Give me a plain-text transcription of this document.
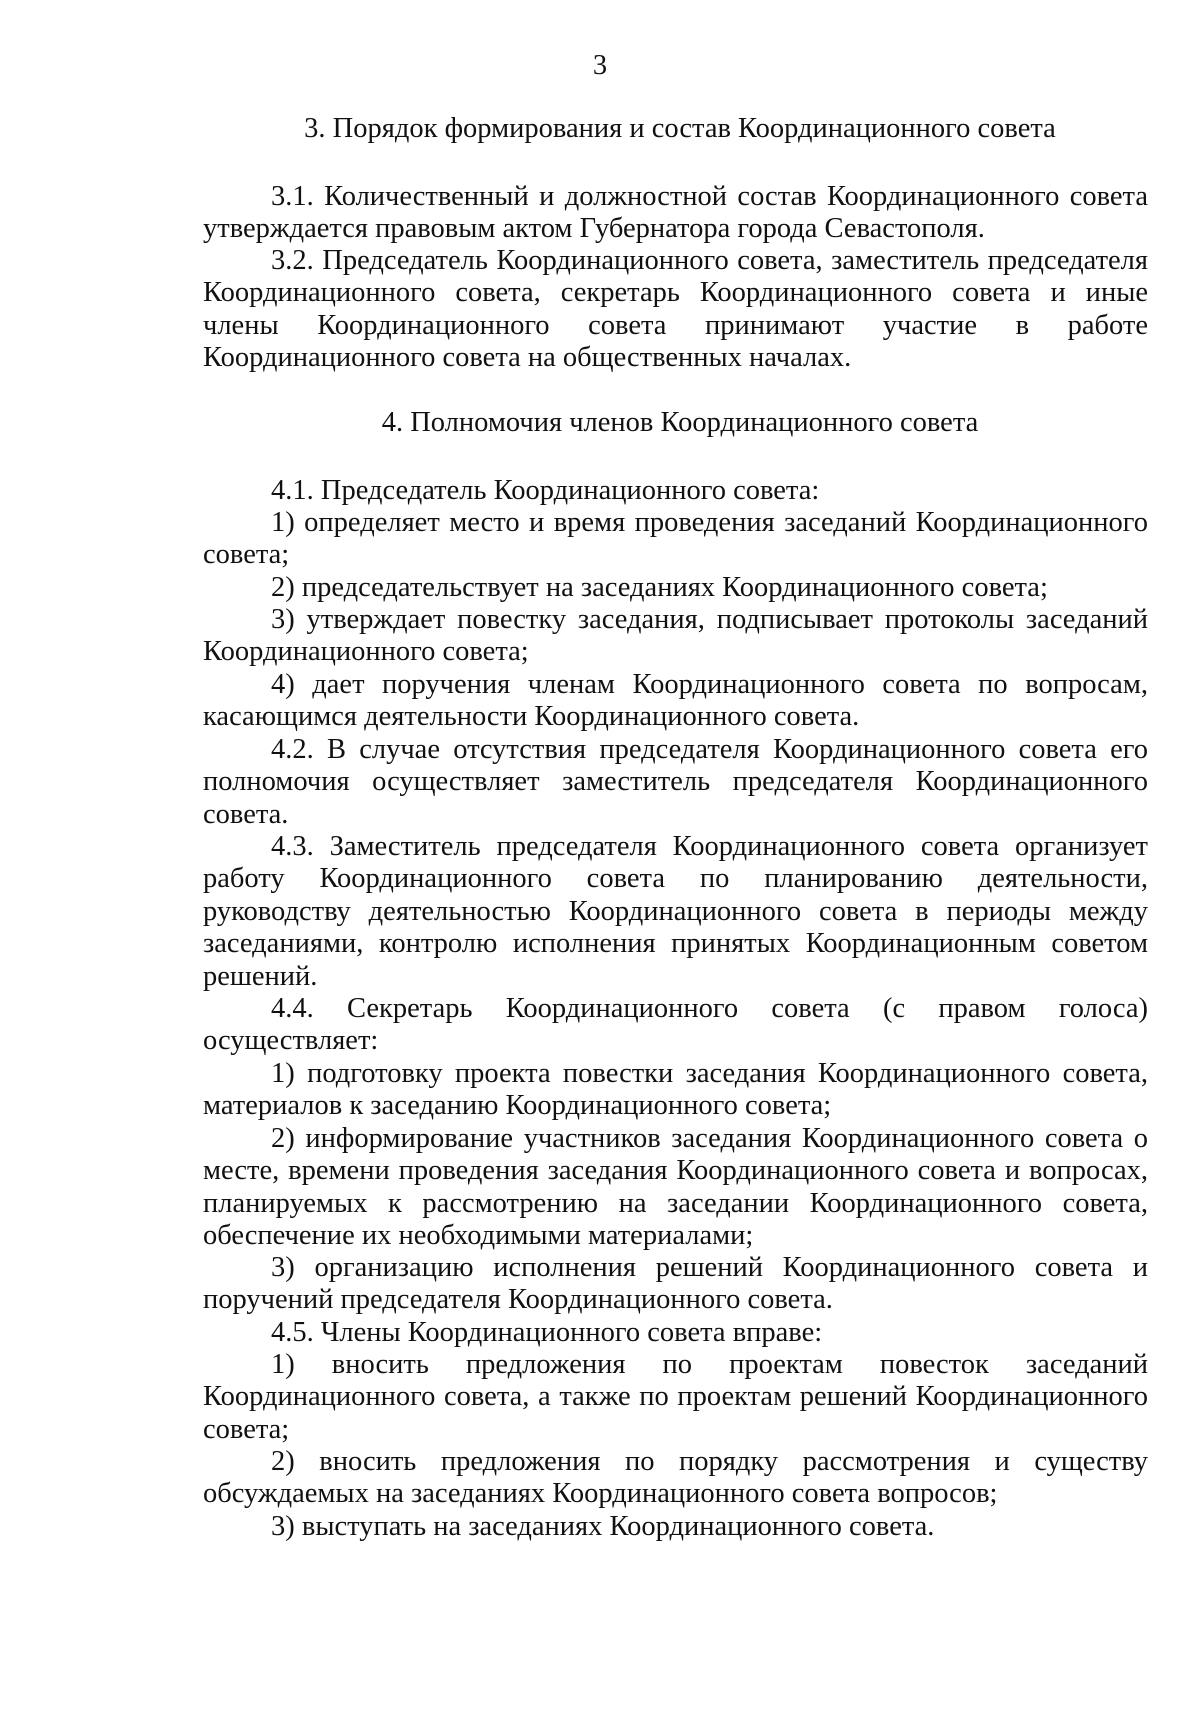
3
3. Порядок формирования и состав Координационного совета
3.1. Количественный и должностной состав Координационного совета утверждается правовым актом Губернатора города Севастополя.
3.2. Председатель Координационного совета, заместитель председателя Координационного совета, секретарь Координационного совета и иные члены Координационного совета принимают участие в работе Координационного совета на общественных началах.
4. Полномочия членов Координационного совета
4.1. Председатель Координационного совета:
1) определяет место и время проведения заседаний Координационного совета;
2) председательствует на заседаниях Координационного совета;
3) утверждает повестку заседания, подписывает протоколы заседаний Координационного совета;
4) дает поручения членам Координационного совета по вопросам, касающимся деятельности Координационного совета.
4.2. В случае отсутствия председателя Координационного совета его полномочия осуществляет заместитель председателя Координационного совета.
4.3. Заместитель председателя Координационного совета организует работу Координационного совета по планированию деятельности, руководству деятельностью Координационного совета в периоды между заседаниями, контролю исполнения принятых Координационным советом решений.
4.4. Секретарь Координационного совета (с правом голоса) осуществляет:
1) подготовку проекта повестки заседания Координационного совета, материалов к заседанию Координационного совета;
2) информирование участников заседания Координационного совета о месте, времени проведения заседания Координационного совета и вопросах, планируемых к рассмотрению на заседании Координационного совета, обеспечение их необходимыми материалами;
3) организацию исполнения решений Координационного совета и поручений председателя Координационного совета.
4.5. Члены Координационного совета вправе:
1) вносить предложения по проектам повесток заседаний Координационного совета, а также по проектам решений Координационного совета;
2) вносить предложения по порядку рассмотрения и существу обсуждаемых на заседаниях Координационного совета вопросов;
3) выступать на заседаниях Координационного совета.
